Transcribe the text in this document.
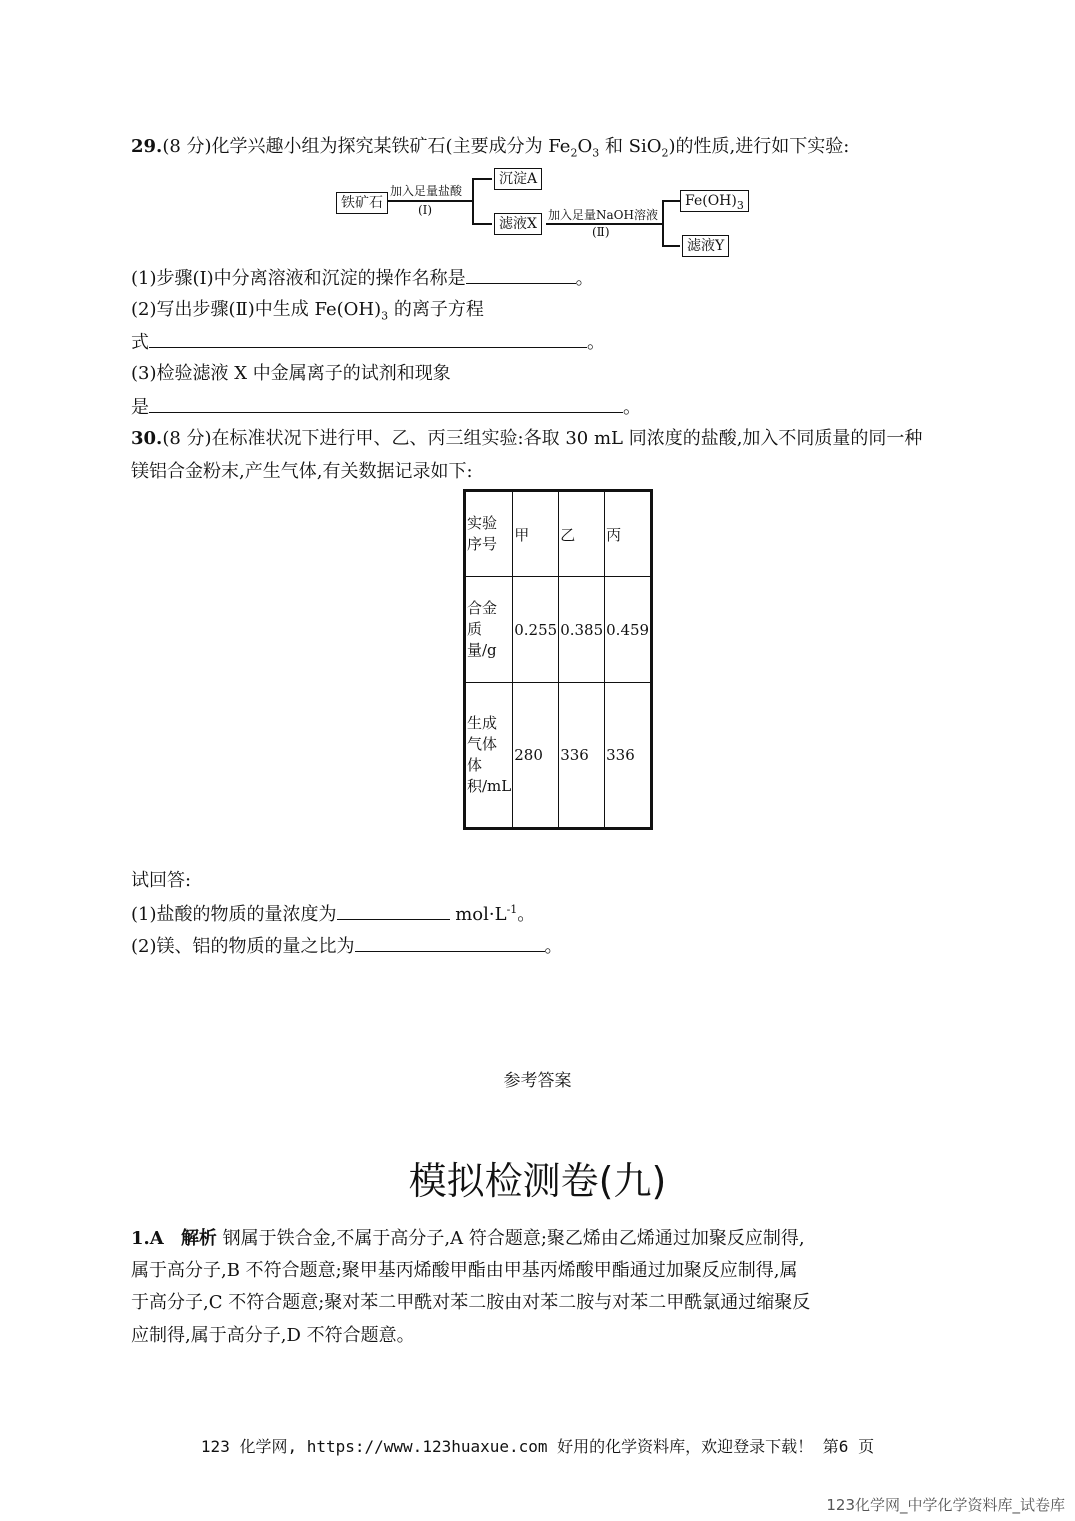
29.(8 分)化学兴趣小组为探究某铁矿石(主要成分为 $Fe_2O_3$ 和 SiO$_2$)的性质,进行如下实验:
铁矿石
加入足量盐酸
(Ⅰ)
沉淀A
滤液X
加入足量NaOH溶液
(Ⅱ)
$Fe(OH)_3$
滤液Y
(1)步骤(Ⅰ)中分离溶液和沉淀的操作名称是	。
(2)写出步骤(Ⅱ)中生成 $Fe(OH)_3$ 的离子方程
式	。
(3)检验滤液 X 中金属离子的试剂和现象
是	。
30.(8 分)在标准状况下进行甲、乙、丙三组实验:各取 30 mL 同浓度的盐酸,加入不同质量的同一种
镁铝合金粉末,产生气体,有关数据记录如下:
实验序号	甲	乙	丙
合金质量/g	0.255	0.385	0.459
生成气体体积/mL	280	336	336
试回答:
(1)盐酸的物质的量浓度为	$mol\cdot L^{-1}$。
(2)镁、铝的物质的量之比为	。
参考答案
模拟检测卷(九)
1.A 解析 钢属于铁合金,不属于高分子,A 符合题意;聚乙烯由乙烯通过加聚反应制得,
属于高分子,B 不符合题意;聚甲基丙烯酸甲酯由甲基丙烯酸甲酯通过加聚反应制得,属
于高分子,C 不符合题意;聚对苯二甲酰对苯二胺由对苯二胺与对苯二甲酰氯通过缩聚反
应制得,属于高分子,D 不符合题意。
123 化学网, https://www.123huaxue.com 好用的化学资料库，欢迎登录下载！ 第6 页
123化学网_中学化学资料库_试卷库
